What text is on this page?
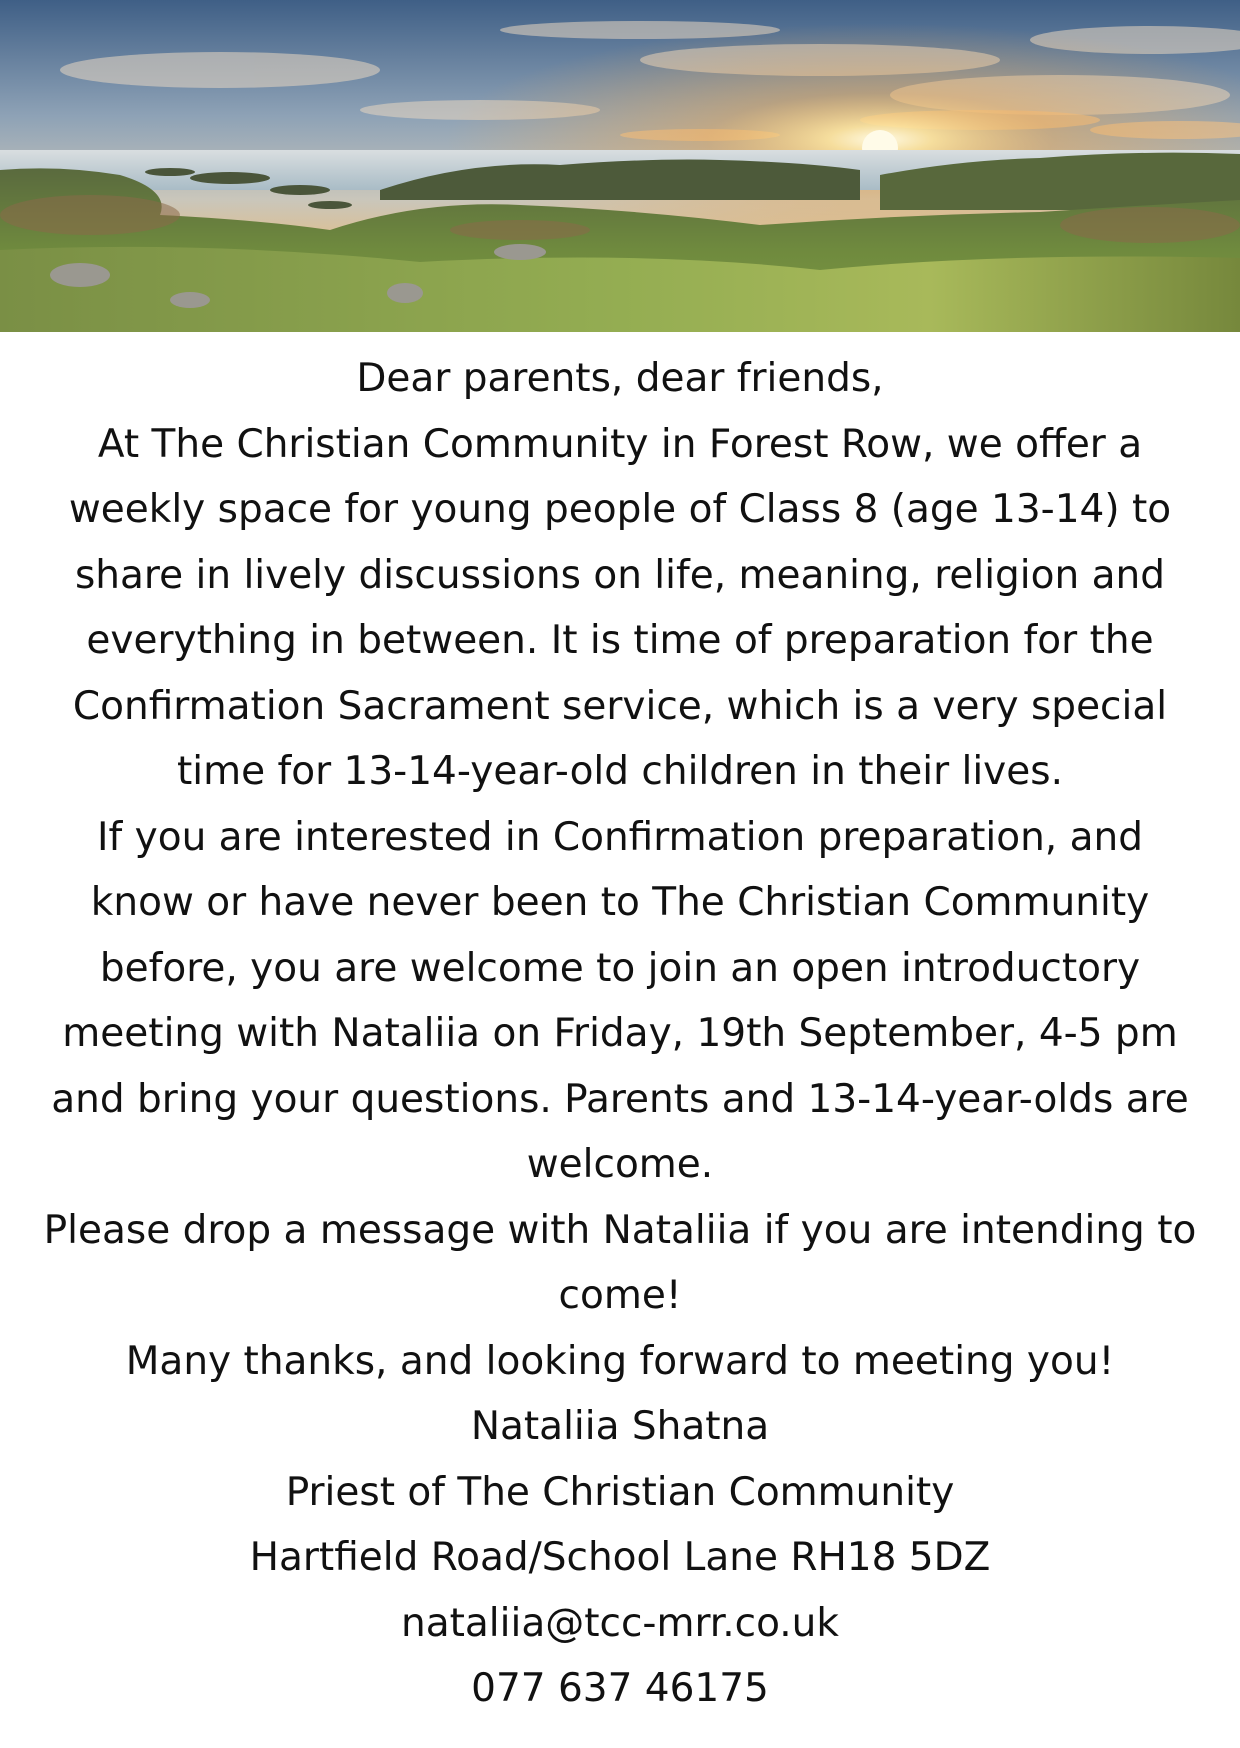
Dear parents, dear friends,

At The Christian Community in Forest Row, we offer a weekly space for young people of Class 8 (age 13-14) to share in lively discussions on life, meaning, religion and everything in between. It is time of preparation for the Confirmation Sacrament service, which is a very special time for 13-14-year-old children in their lives.

If you are interested in Confirmation preparation, and know or have never been to The Christian Community before, you are welcome to join an open introductory meeting with Nataliia on Friday, 19th September, 4-5 pm and bring your questions. Parents and 13-14-year-olds are welcome.

Please drop a message with Nataliia if you are intending to come!

Many thanks, and looking forward to meeting you!

Nataliia Shatna

Priest of The Christian Community

Hartfield Road/School Lane RH18 5DZ

nataliia@tcc-mrr.co.uk

077 637 46175
